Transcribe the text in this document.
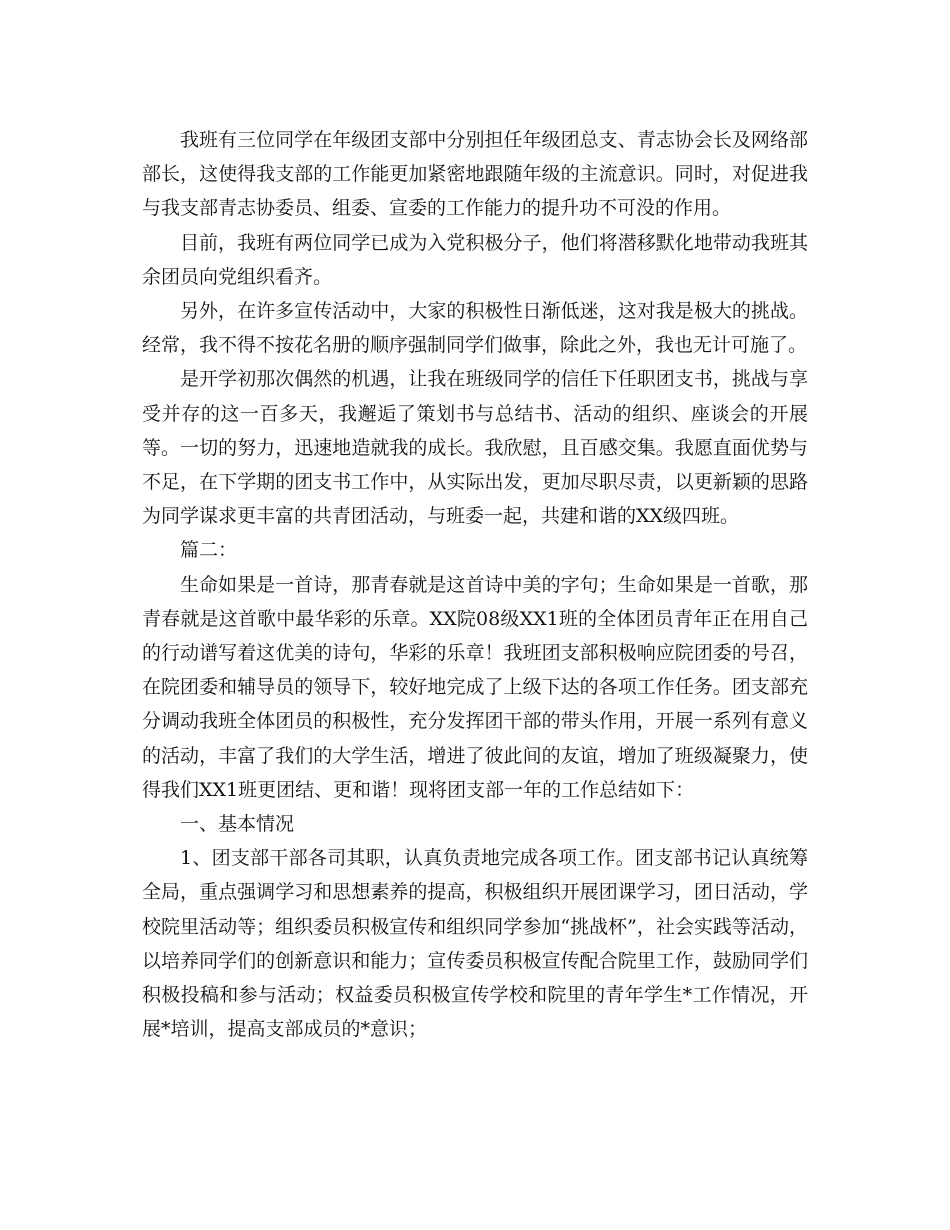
我班有三位同学在年级团支部中分别担任年级团总支、青志协会长及网络部部长，这使得我支部的工作能更加紧密地跟随年级的主流意识。同时，对促进我与我支部青志协委员、组委、宣委的工作能力的提升功不可没的作用。

目前，我班有两位同学已成为入党积极分子，他们将潜移默化地带动我班其余团员向党组织看齐。

另外，在许多宣传活动中，大家的积极性日渐低迷，这对我是极大的挑战。经常，我不得不按花名册的顺序强制同学们做事，除此之外，我也无计可施了。

是开学初那次偶然的机遇，让我在班级同学的信任下任职团支书，挑战与享受并存的这一百多天，我邂逅了策划书与总结书、活动的组织、座谈会的开展等。一切的努力，迅速地造就我的成长。我欣慰，且百感交集。我愿直面优势与不足，在下学期的团支书工作中，从实际出发，更加尽职尽责，以更新颖的思路为同学谋求更丰富的共青团活动，与班委一起，共建和谐的XX级四班。

篇二：

生命如果是一首诗，那青春就是这首诗中美的字句；生命如果是一首歌，那青春就是这首歌中最华彩的乐章。XX院08级XX1班的全体团员青年正在用自己的行动谱写着这优美的诗句，华彩的乐章！我班团支部积极响应院团委的号召，在院团委和辅导员的领导下，较好地完成了上级下达的各项工作任务。团支部充分调动我班全体团员的积极性，充分发挥团干部的带头作用，开展一系列有意义的活动，丰富了我们的大学生活，增进了彼此间的友谊，增加了班级凝聚力，使得我们XX1班更团结、更和谐！现将团支部一年的工作总结如下：

一、基本情况

1、团支部干部各司其职，认真负责地完成各项工作。团支部书记认真统筹全局，重点强调学习和思想素养的提高，积极组织开展团课学习，团日活动，学校院里活动等；组织委员积极宣传和组织同学参加“挑战杯”，社会实践等活动，以培养同学们的创新意识和能力；宣传委员积极宣传配合院里工作，鼓励同学们积极投稿和参与活动；权益委员积极宣传学校和院里的青年学生*工作情况，开展*培训，提高支部成员的*意识；
